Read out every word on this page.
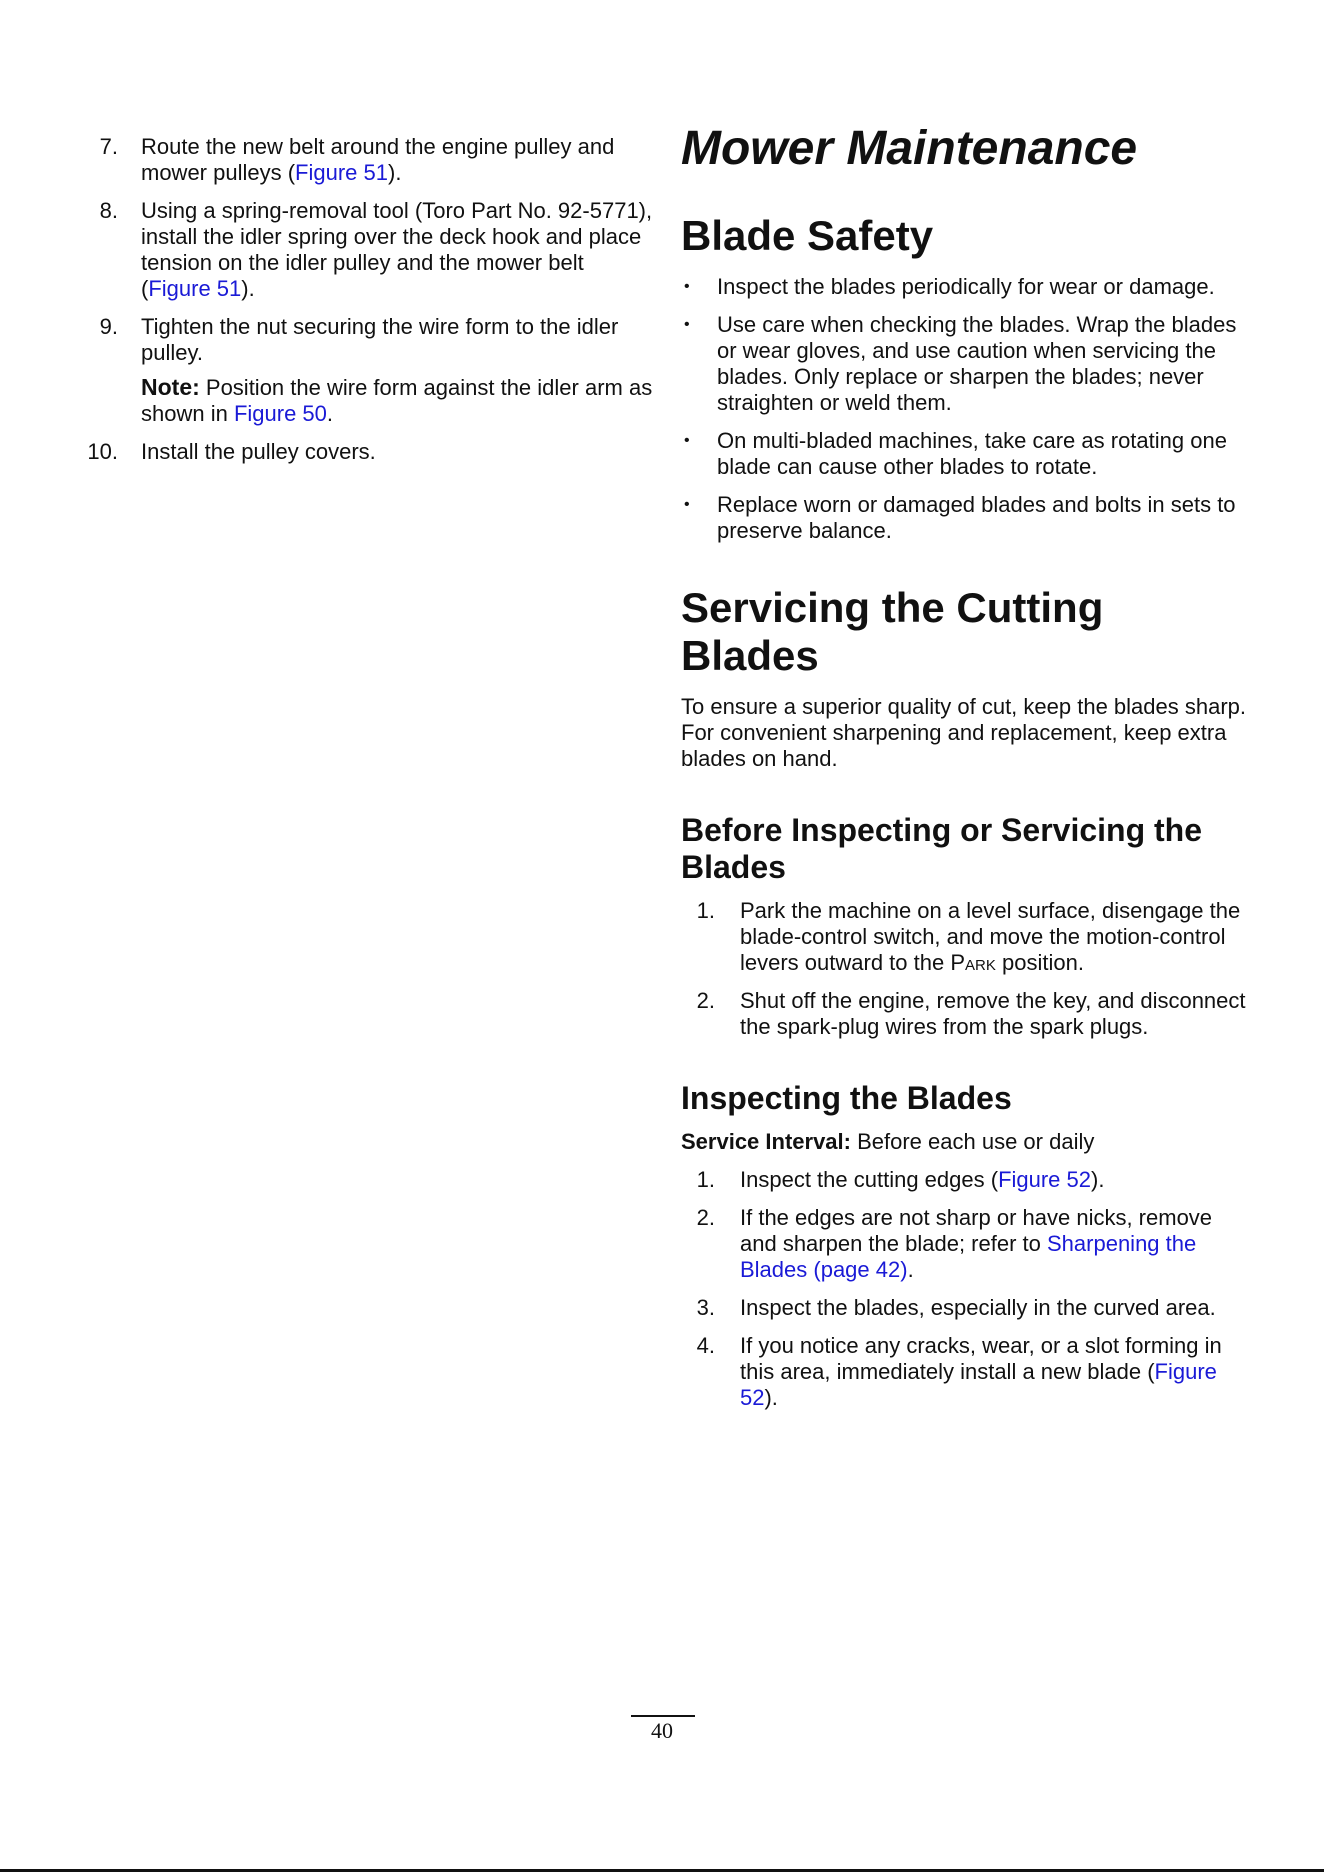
7. Route the new belt around the engine pulley and mower pulleys (Figure 51).
8. Using a spring-removal tool (Toro Part No. 92-5771), install the idler spring over the deck hook and place tension on the idler pulley and the mower belt (Figure 51).
9. Tighten the nut securing the wire form to the idler pulley.

Note: Position the wire form against the idler arm as shown in Figure 50.

10. Install the pulley covers.
Mower Maintenance
Blade Safety
• Inspect the blades periodically for wear or damage.
• Use care when checking the blades. Wrap the blades or wear gloves, and use caution when servicing the blades. Only replace or sharpen the blades; never straighten or weld them.
• On multi-bladed machines, take care as rotating one blade can cause other blades to rotate.
• Replace worn or damaged blades and bolts in sets to preserve balance.
Servicing the Cutting Blades

To ensure a superior quality of cut, keep the blades sharp. For convenient sharpening and replacement, keep extra blades on hand.

Before Inspecting or Servicing the Blades
1. Park the machine on a level surface, disengage the blade-control switch, and move the motion-control levers outward to the Park position.
2. Shut off the engine, remove the key, and disconnect the spark-plug wires from the spark plugs.
Inspecting the Blades

Service Interval: Before each use or daily

1. Inspect the cutting edges (Figure 52).
2. If the edges are not sharp or have nicks, remove and sharpen the blade; refer to Sharpening the Blades (page 42).
3. Inspect the blades, especially in the curved area.
4. If you notice any cracks, wear, or a slot forming in this area, immediately install a new blade (Figure 52).
40
